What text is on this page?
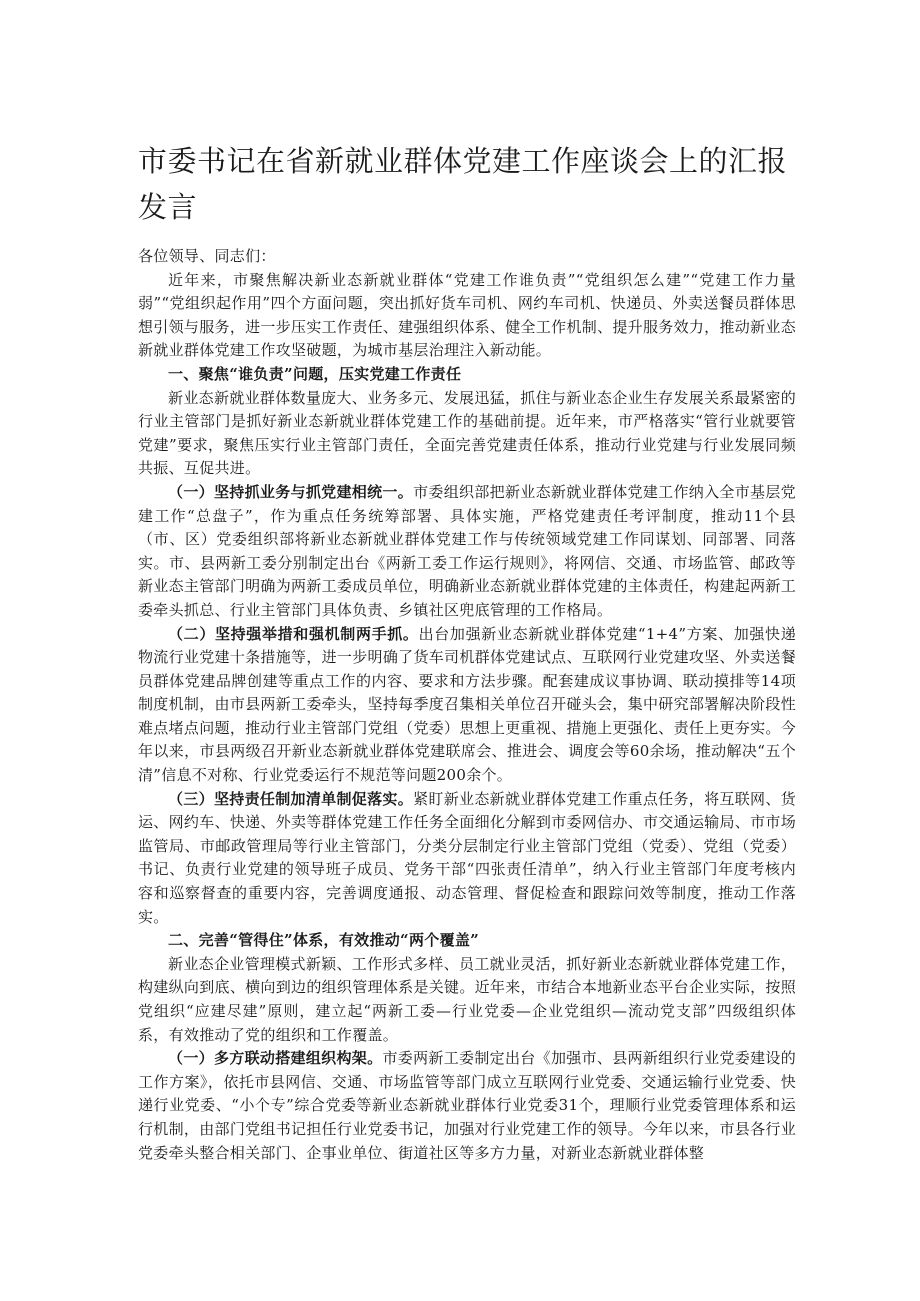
市委书记在省新就业群体党建工作座谈会上的汇报
发言

各位领导、同志们：

近年来，市聚焦解决新业态新就业群体“党建工作谁负责”“党组织怎么建”“党建工作力量弱”“党组织起作用”四个方面问题，突出抓好货车司机、网约车司机、快递员、外卖送餐员群体思想引领与服务，进一步压实工作责任、建强组织体系、健全工作机制、提升服务效力，推动新业态新就业群体党建工作攻坚破题，为城市基层治理注入新动能。

一、聚焦“谁负责”问题，压实党建工作责任

新业态新就业群体数量庞大、业务多元、发展迅猛，抓住与新业态企业生存发展关系最紧密的行业主管部门是抓好新业态新就业群体党建工作的基础前提。近年来，市严格落实“管行业就要管党建”要求，聚焦压实行业主管部门责任，全面完善党建责任体系，推动行业党建与行业发展同频共振、互促共进。

（一）坚持抓业务与抓党建相统一。市委组织部把新业态新就业群体党建工作纳入全市基层党建工作“总盘子”，作为重点任务统筹部署、具体实施，严格党建责任考评制度，推动11个县（市、区）党委组织部将新业态新就业群体党建工作与传统领域党建工作同谋划、同部署、同落实。市、县两新工委分别制定出台《两新工委工作运行规则》，将网信、交通、市场监管、邮政等新业态主管部门明确为两新工委成员单位，明确新业态新就业群体党建的主体责任，构建起两新工委牵头抓总、行业主管部门具体负责、乡镇社区兜底管理的工作格局。

（二）坚持强举措和强机制两手抓。出台加强新业态新就业群体党建“1+4”方案、加强快递物流行业党建十条措施等，进一步明确了货车司机群体党建试点、互联网行业党建攻坚、外卖送餐员群体党建品牌创建等重点工作的内容、要求和方法步骤。配套建成议事协调、联动摸排等14项制度机制，由市县两新工委牵头，坚持每季度召集相关单位召开碰头会，集中研究部署解决阶段性难点堵点问题，推动行业主管部门党组（党委）思想上更重视、措施上更强化、责任上更夯实。今年以来，市县两级召开新业态新就业群体党建联席会、推进会、调度会等60余场，推动解决“五个清”信息不对称、行业党委运行不规范等问题200余个。

（三）坚持责任制加清单制促落实。紧盯新业态新就业群体党建工作重点任务，将互联网、货运、网约车、快递、外卖等群体党建工作任务全面细化分解到市委网信办、市交通运输局、市市场监管局、市邮政管理局等行业主管部门，分类分层制定行业主管部门党组（党委）、党组（党委）书记、负责行业党建的领导班子成员、党务干部“四张责任清单”，纳入行业主管部门年度考核内容和巡察督查的重要内容，完善调度通报、动态管理、督促检查和跟踪问效等制度，推动工作落实。

二、完善“管得住”体系，有效推动“两个覆盖”

新业态企业管理模式新颖、工作形式多样、员工就业灵活，抓好新业态新就业群体党建工作，构建纵向到底、横向到边的组织管理体系是关键。近年来，市结合本地新业态平台企业实际，按照党组织“应建尽建”原则，建立起“两新工委—行业党委—企业党组织—流动党支部”四级组织体系，有效推动了党的组织和工作覆盖。

（一）多方联动搭建组织构架。市委两新工委制定出台《加强市、县两新组织行业党委建设的工作方案》，依托市县网信、交通、市场监管等部门成立互联网行业党委、交通运输行业党委、快递行业党委、“小个专”综合党委等新业态新就业群体行业党委31个，理顺行业党委管理体系和运行机制，由部门党组书记担任行业党委书记，加强对行业党建工作的领导。今年以来，市县各行业党委牵头整合相关部门、企事业单位、街道社区等多方力量，对新业态新就业群体整
